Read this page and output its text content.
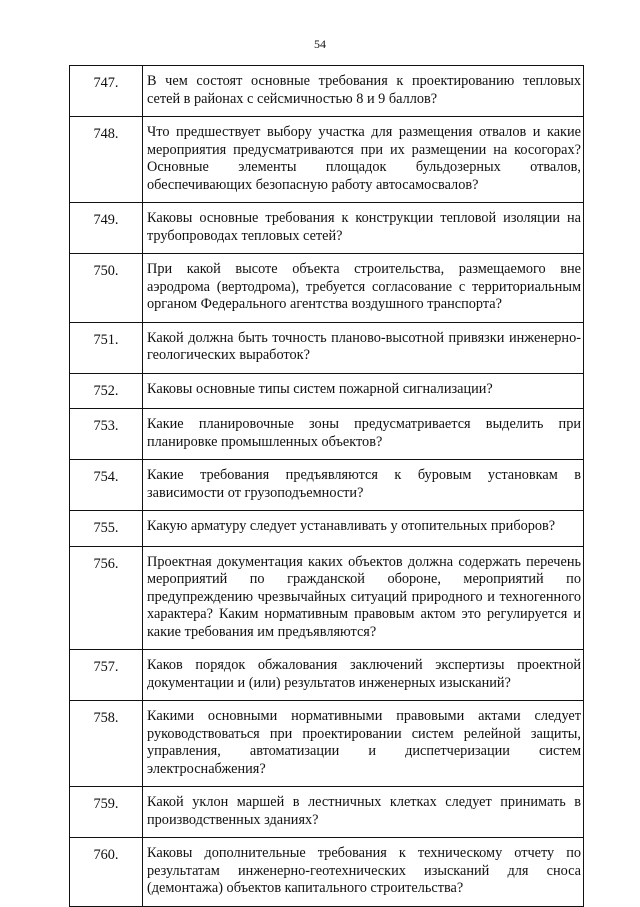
54
747.	В чем состоят основные требования к проектированию тепловых сетей в районах с сейсмичностью 8 и 9 баллов?
748.	Что предшествует выбору участка для размещения отвалов и какие мероприятия предусматриваются при их размещении на косогорах? Основные элементы площадок бульдозерных отвалов, обеспечивающих безопасную работу автосамосвалов?
749.	Каковы основные требования к конструкции тепловой изоляции на трубопроводах тепловых сетей?
750.	При какой высоте объекта строительства, размещаемого вне аэродрома (вертодрома), требуется согласование с территориальным органом Федерального агентства воздушного транспорта?
751.	Какой должна быть точность планово-высотной привязки инженерно-геологических выработок?
752.	Каковы основные типы систем пожарной сигнализации?
753.	Какие планировочные зоны предусматривается выделить при планировке промышленных объектов?
754.	Какие требования предъявляются к буровым установкам в зависимости от грузоподъемности?
755.	Какую арматуру следует устанавливать у отопительных приборов?
756.	Проектная документация каких объектов должна содержать перечень мероприятий по гражданской обороне, мероприятий по предупреждению чрезвычайных ситуаций природного и техногенного характера? Каким нормативным правовым актом это регулируется и какие требования им предъявляются?
757.	Каков порядок обжалования заключений экспертизы проектной документации и (или) результатов инженерных изысканий?
758.	Какими основными нормативными правовыми актами следует руководствоваться при проектировании систем релейной защиты, управления, автоматизации и диспетчеризации систем электроснабжения?
759.	Какой уклон маршей в лестничных клетках следует принимать в производственных зданиях?
760.	Каковы дополнительные требования к техническому отчету по результатам инженерно-геотехнических изысканий для сноса (демонтажа) объектов капитального строительства?
